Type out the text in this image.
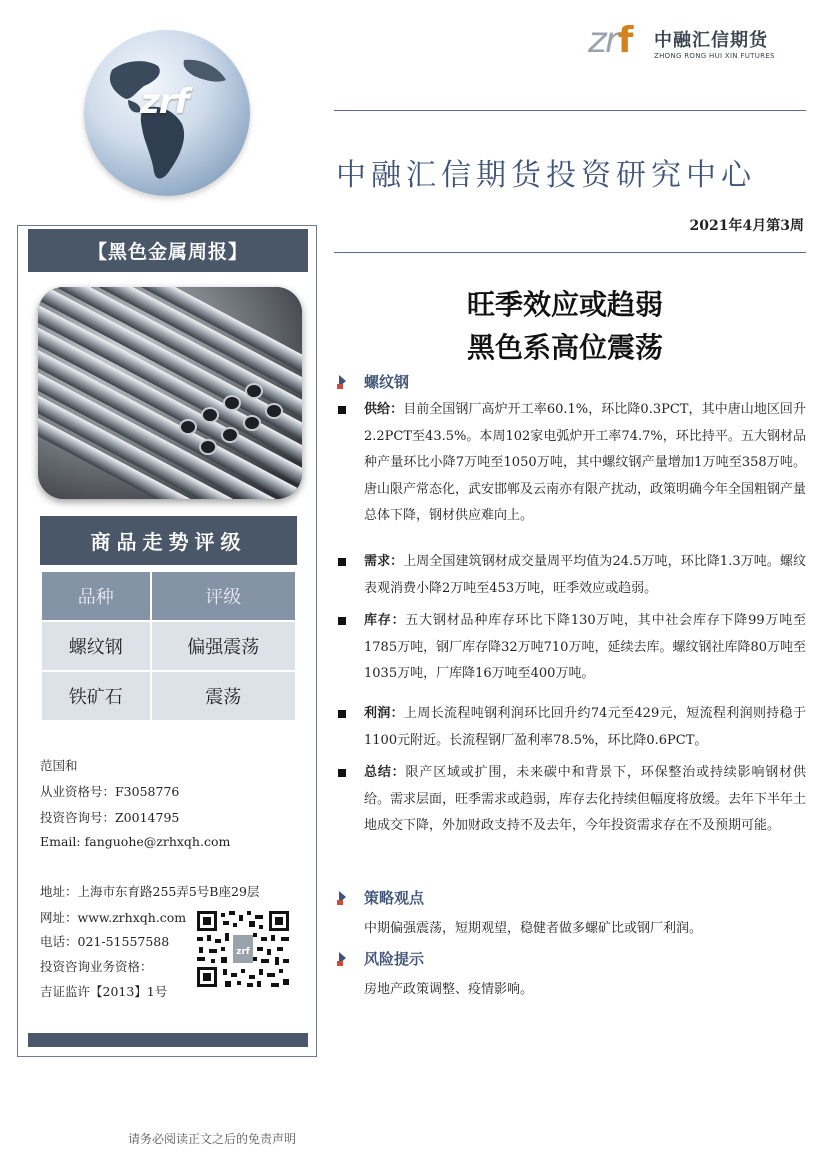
zrf
zrf 中融汇信期货
ZHONG RONG HUI XIN FUTURES
中融汇信期货投资研究中心
2021年4月第3周
【黑色金属周报】
商品走势评级
品种	评级
螺纹钢	偏强震荡
铁矿石	震荡
范国和
从业资格号：F3058776
投资咨询号：Z0014795
Email: fanguohe@zrhxqh.com
地址：上海市东育路255弄5号B座29层
网址：www.zrhxqh.com
电话：021-51557588
投资咨询业务资格：
吉证监许【2013】1号
zrf
旺季效应或趋弱
黑色系高位震荡
螺纹钢
供给：目前全国钢厂高炉开工率60.1%，环比降0.3PCT，其中唐山地区回升2.2PCT至43.5%。本周102家电弧炉开工率74.7%，环比持平。五大钢材品种产量环比小降7万吨至1050万吨，其中螺纹钢产量增加1万吨至358万吨。唐山限产常态化，武安邯郸及云南亦有限产扰动，政策明确今年全国粗钢产量总体下降，钢材供应难向上。
需求：上周全国建筑钢材成交量周平均值为24.5万吨，环比降1.3万吨。螺纹表观消费小降2万吨至453万吨，旺季效应或趋弱。
库存：五大钢材品种库存环比下降130万吨，其中社会库存下降99万吨至1785万吨，钢厂库存降32万吨710万吨，延续去库。螺纹钢社库降80万吨至1035万吨，厂库降16万吨至400万吨。
利润：上周长流程吨钢利润环比回升约74元至429元，短流程利润则持稳于1100元附近。长流程钢厂盈利率78.5%，环比降0.6PCT。
总结：限产区域或扩围，未来碳中和背景下，环保整治或持续影响钢材供给。需求层面，旺季需求或趋弱，库存去化持续但幅度将放缓。去年下半年土地成交下降，外加财政支持不及去年，今年投资需求存在不及预期可能。
策略观点
中期偏强震荡，短期观望，稳健者做多螺矿比或钢厂利润。
风险提示
房地产政策调整、疫情影响。
请务必阅读正文之后的免责声明
